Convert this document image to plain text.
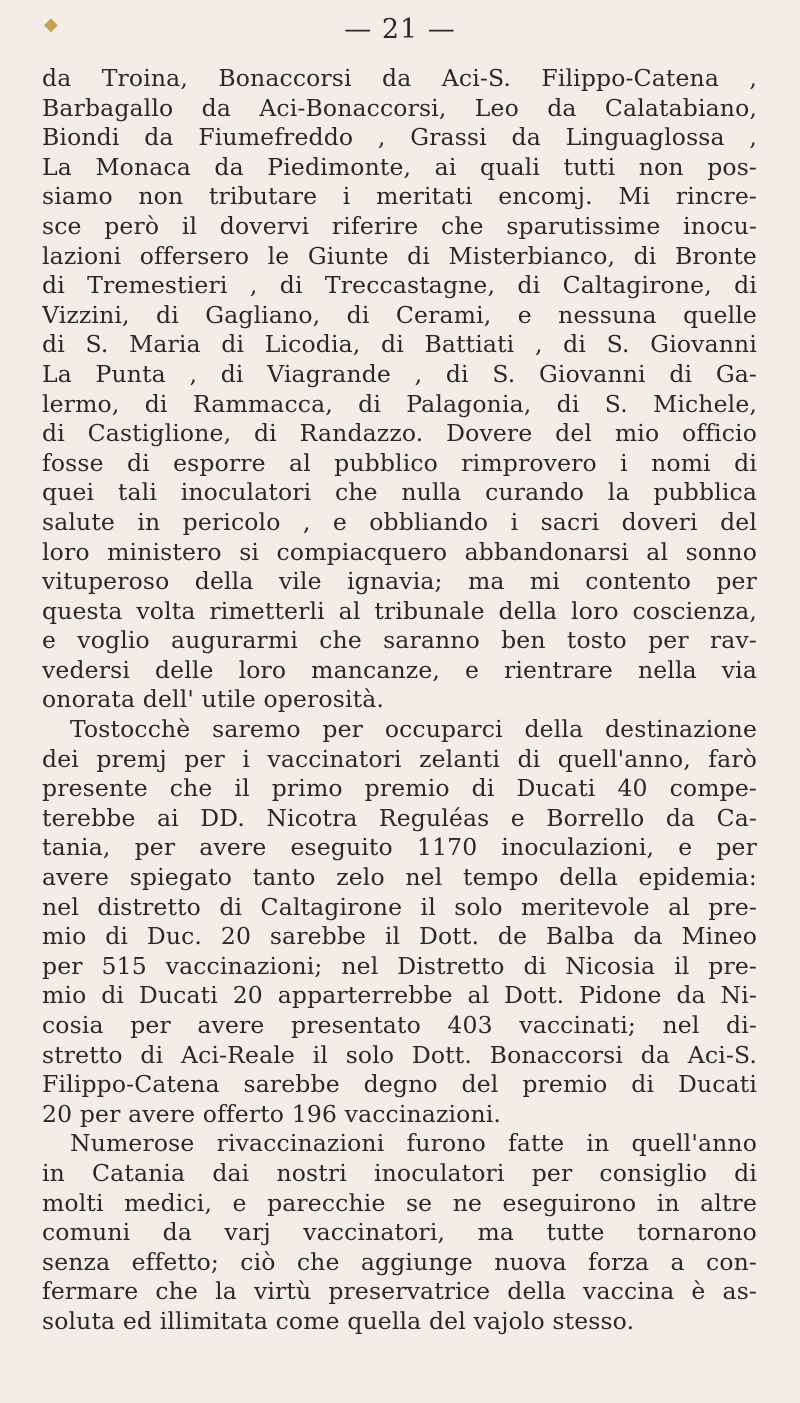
◆	— 21 —
da Troina, Bonaccorsi da Aci-S. Filippo-Catena ,
Barbagallo da Aci-Bonaccorsi, Leo da Calatabiano,
Biondi da Fiumefreddo , Grassi da Linguaglossa ,
La Monaca da Piedimonte, ai quali tutti non pos-
siamo non tributare i meritati encomj. Mi rincre-
sce però il dovervi riferire che sparutissime inocu-
lazioni offersero le Giunte di Misterbianco, di Bronte
di Tremestieri , di Treccastagne, di Caltagirone, di
Vizzini, di Gagliano, di Cerami, e nessuna quelle
di S. Maria di Licodia, di Battiati , di S. Giovanni
La Punta , di Viagrande , di S. Giovanni di Ga-
lermo, di Rammacca, di Palagonia, di S. Michele,
di Castiglione, di Randazzo. Dovere del mio officio
fosse di esporre al pubblico rimprovero i nomi di
quei tali inoculatori che nulla curando la pubblica
salute in pericolo , e obbliando i sacri doveri del
loro ministero si compiacquero abbandonarsi al sonno
vituperoso della vile ignavia; ma mi contento per
questa volta rimetterli al tribunale della loro coscienza,
e voglio augurarmi che saranno ben tosto per rav-
vedersi delle loro mancanze, e rientrare nella via
onorata dell' utile operosità.
Tostocchè saremo per occuparci della destinazione
dei premj per i vaccinatori zelanti di quell'anno, farò
presente che il primo premio di Ducati 40 compe-
terebbe ai DD. Nicotra Reguléas e Borrello da Ca-
tania, per avere eseguito 1170 inoculazioni, e per
avere spiegato tanto zelo nel tempo della epidemia:
nel distretto di Caltagirone il solo meritevole al pre-
mio di Duc. 20 sarebbe il Dott. de Balba da Mineo
per 515 vaccinazioni; nel Distretto di Nicosia il pre-
mio di Ducati 20 apparterrebbe al Dott. Pidone da Ni-
cosia per avere presentato 403 vaccinati; nel di-
stretto di Aci-Reale il solo Dott. Bonaccorsi da Aci-S.
Filippo-Catena sarebbe degno del premio di Ducati
20 per avere offerto 196 vaccinazioni.
Numerose rivaccinazioni furono fatte in quell'anno
in Catania dai nostri inoculatori per consiglio di
molti medici, e parecchie se ne eseguirono in altre
comuni da varj vaccinatori, ma tutte tornarono
senza effetto; ciò che aggiunge nuova forza a con-
fermare che la virtù preservatrice della vaccina è as-
soluta ed illimitata come quella del vajolo stesso.
